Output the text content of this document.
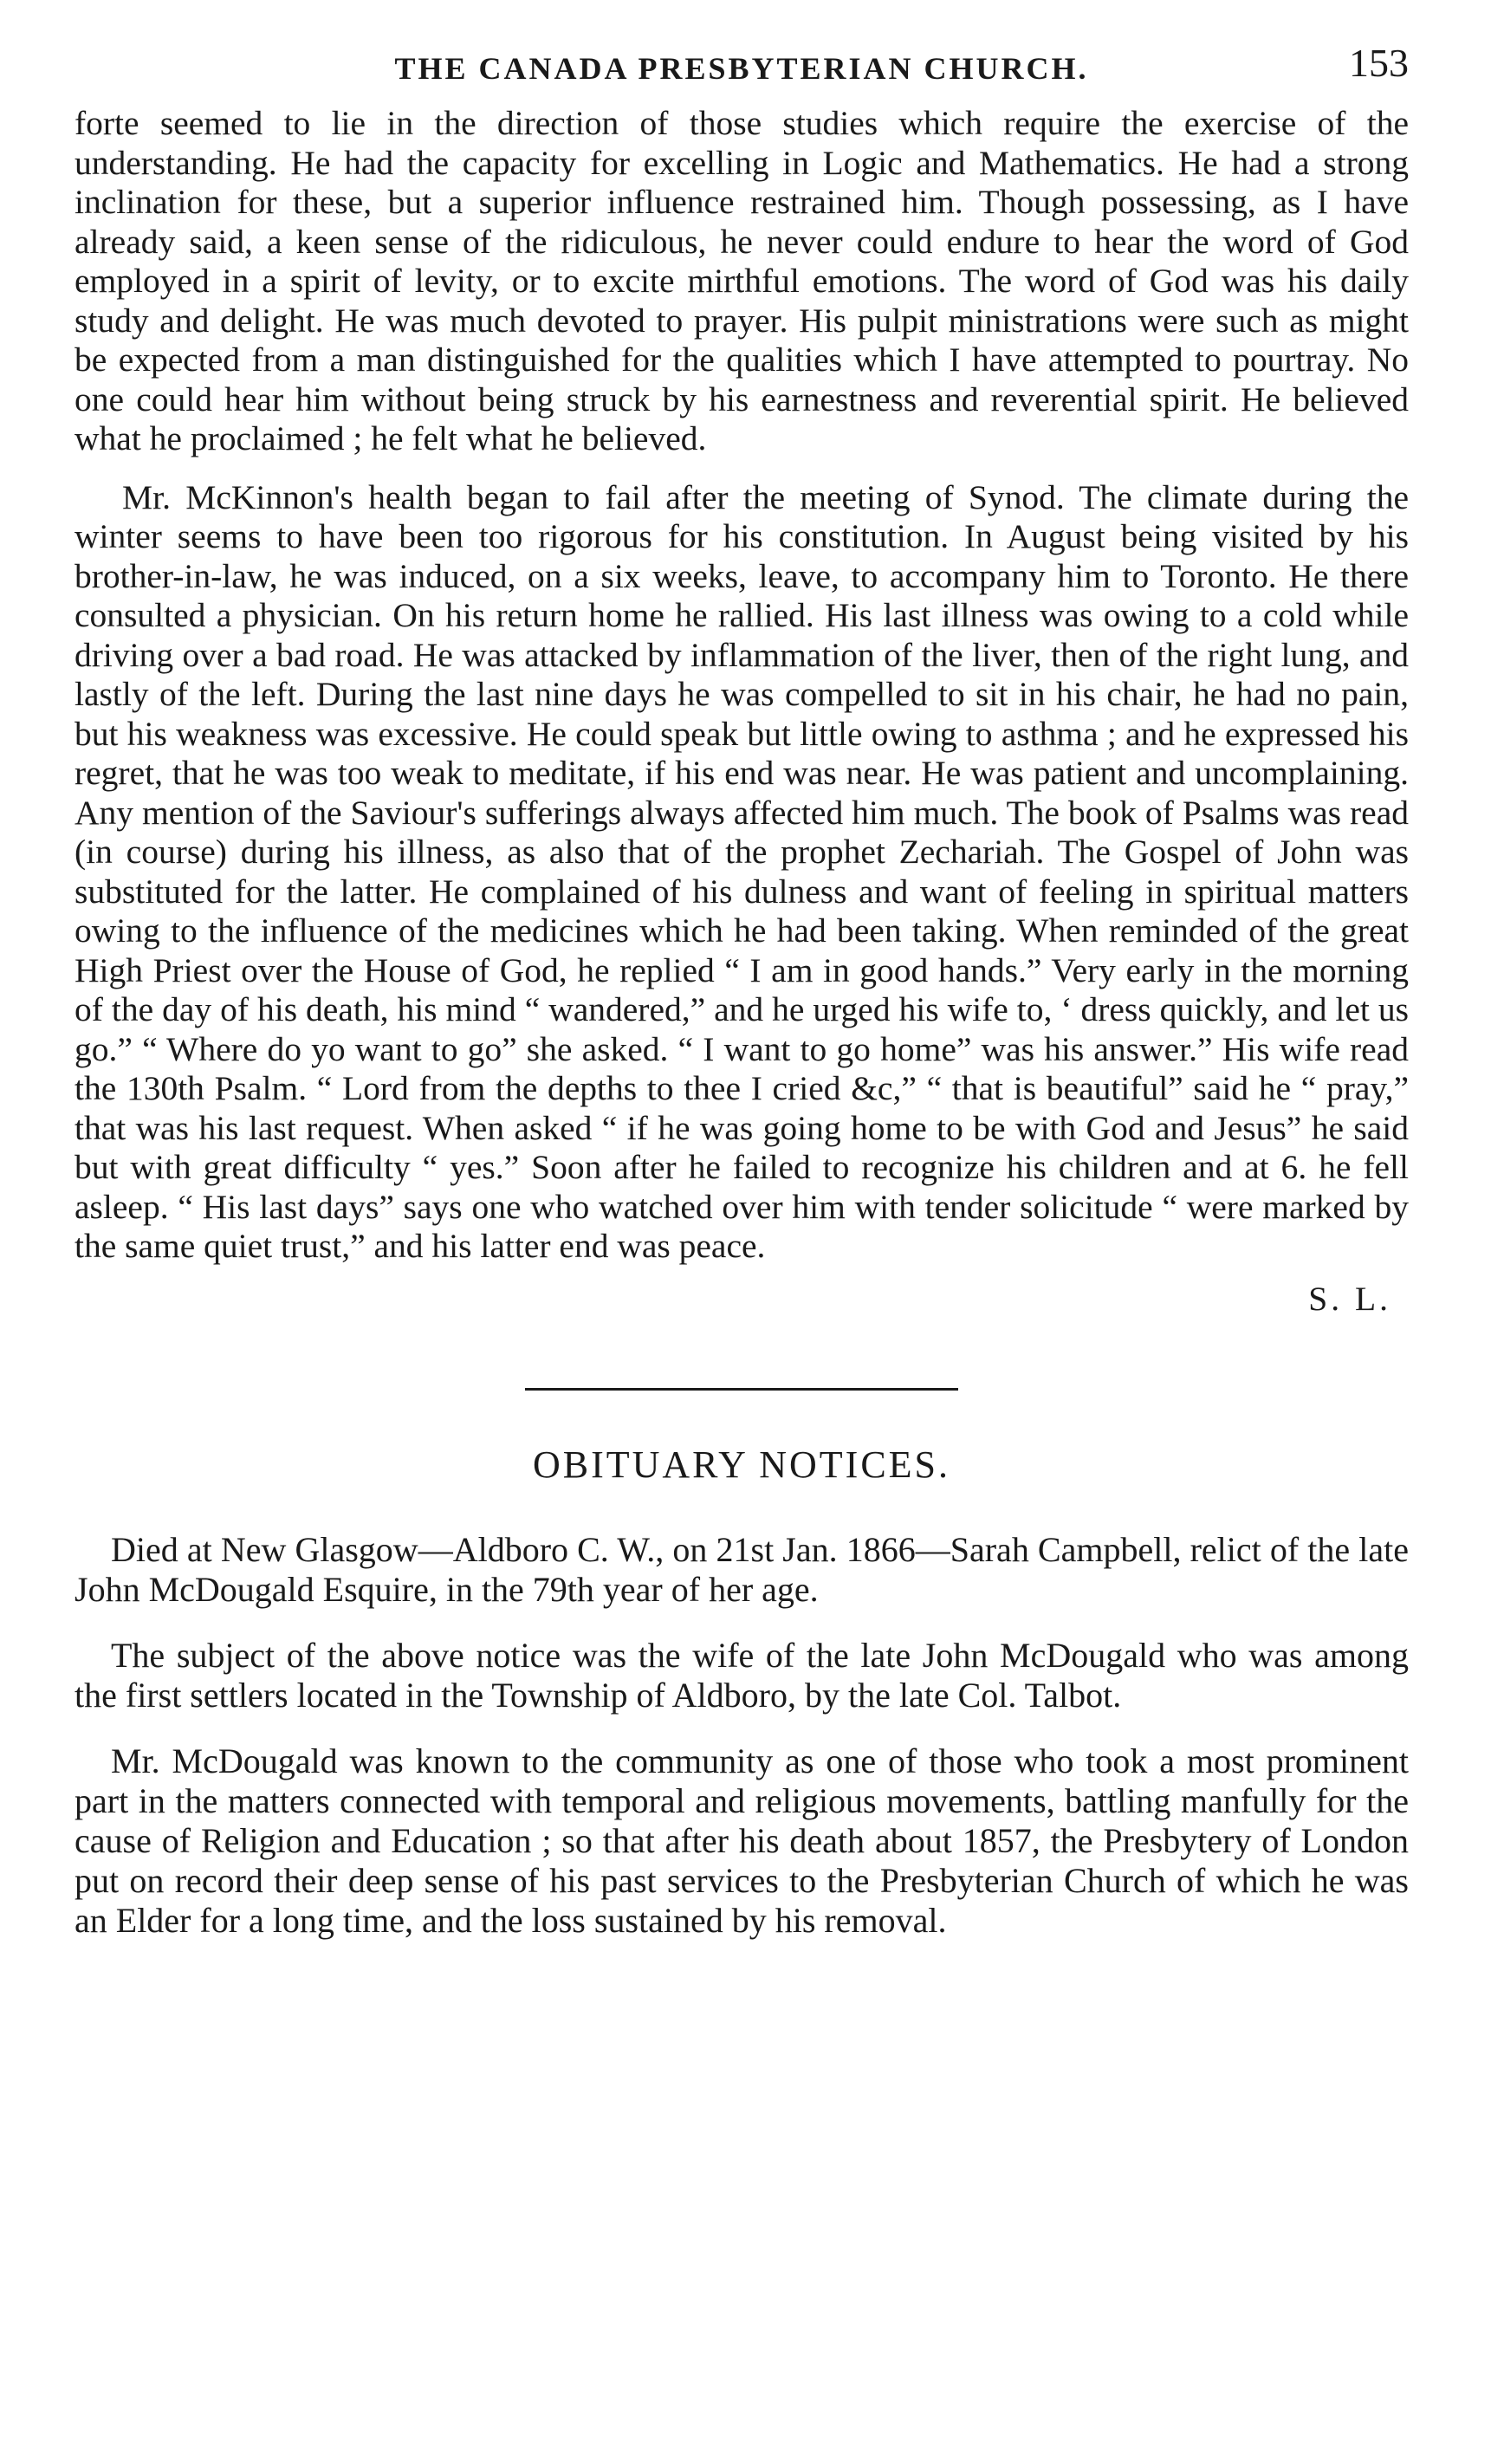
THE CANADA PRESBYTERIAN CHURCH.	153

forte seemed to lie in the direction of those studies which require the exercise of the understanding. He had the capacity for excelling in Logic and Mathematics. He had a strong inclination for these, but a superior influence restrained him. Though possessing, as I have already said, a keen sense of the ridiculous, he never could endure to hear the word of God employed in a spirit of levity, or to excite mirthful emotions. The word of God was his daily study and delight. He was much devoted to prayer. His pulpit ministrations were such as might be expected from a man distinguished for the qualities which I have attempted to pourtray. No one could hear him without being struck by his earnestness and reverential spirit. He believed what he proclaimed ; he felt what he believed.

Mr. McKinnon's health began to fail after the meeting of Synod. The climate during the winter seems to have been too rigorous for his constitution. In August being visited by his brother-in-law, he was induced, on a six weeks, leave, to accompany him to Toronto. He there consulted a physician. On his return home he rallied. His last illness was owing to a cold while driving over a bad road. He was attacked by inflammation of the liver, then of the right lung, and lastly of the left. During the last nine days he was compelled to sit in his chair, he had no pain, but his weakness was excessive. He could speak but little owing to asthma ; and he expressed his regret, that he was too weak to meditate, if his end was near. He was patient and uncomplaining. Any mention of the Saviour's sufferings always affected him much. The book of Psalms was read (in course) during his illness, as also that of the prophet Zechariah. The Gospel of John was substituted for the latter. He complained of his dulness and want of feeling in spiritual matters owing to the influence of the medicines which he had been taking. When reminded of the great High Priest over the House of God, he replied “ I am in good hands.” Very early in the morning of the day of his death, his mind “ wandered,” and he urged his wife to, ‘ dress quickly, and let us go.” “ Where do yo want to go” she asked. “ I want to go home” was his answer.” His wife read the 130th Psalm. “ Lord from the depths to thee I cried &c,” “ that is beautiful” said he “ pray,” that was his last request. When asked “ if he was going home to be with God and Jesus” he said but with great difficulty “ yes.” Soon after he failed to recognize his children and at 6. he fell asleep. “ His last days” says one who watched over him with tender solicitude “ were marked by the same quiet trust,” and his latter end was peace.

S. L.
OBITUARY NOTICES.

Died at New Glasgow—Aldboro C. W., on 21st Jan. 1866—Sarah Campbell, relict of the late John McDougald Esquire, in the 79th year of her age.

The subject of the above notice was the wife of the late John McDougald who was among the first settlers located in the Township of Aldboro, by the late Col. Talbot.

Mr. McDougald was known to the community as one of those who took a most prominent part in the matters connected with temporal and religious movements, battling manfully for the cause of Religion and Education ; so that after his death about 1857, the Presbytery of London put on record their deep sense of his past services to the Presbyterian Church of which he was an Elder for a long time, and the loss sustained by his removal.
